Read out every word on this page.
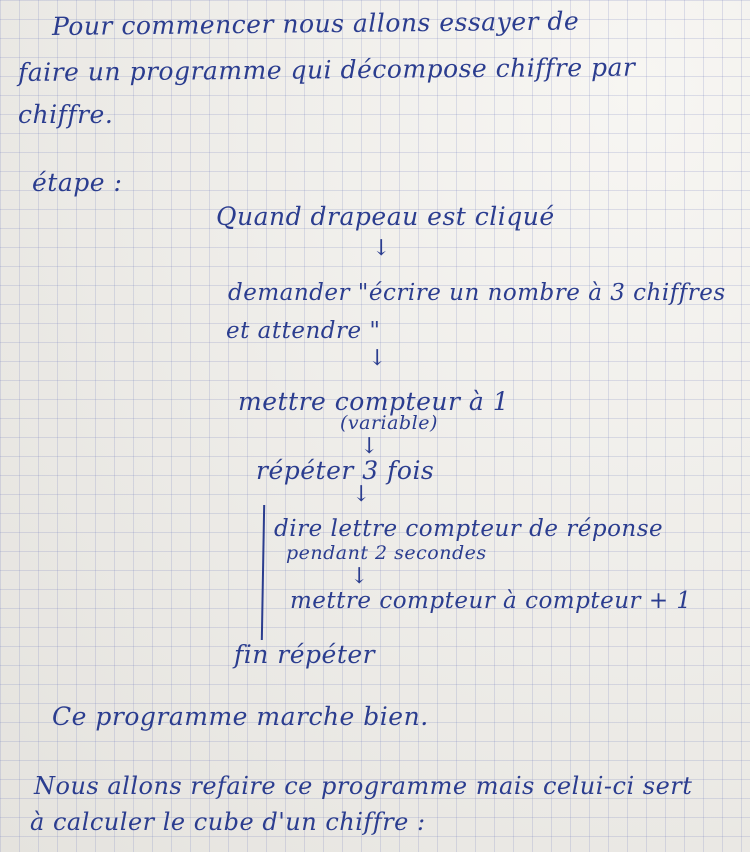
Pour commencer nous allons essayer de
faire un programme qui décompose chiffre par
chiffre.
étape :
Quand drapeau est cliqué
↓
demander "écrire un nombre à 3 chiffres
et attendre "
↓
mettre compteur à 1
(variable)
↓
répéter 3 fois
↓
dire lettre compteur de réponse
pendant 2 secondes
↓
mettre compteur à compteur + 1
fin répéter
Ce programme marche bien.
Nous allons refaire ce programme mais celui-ci sert
à calculer le cube d'un chiffre :
